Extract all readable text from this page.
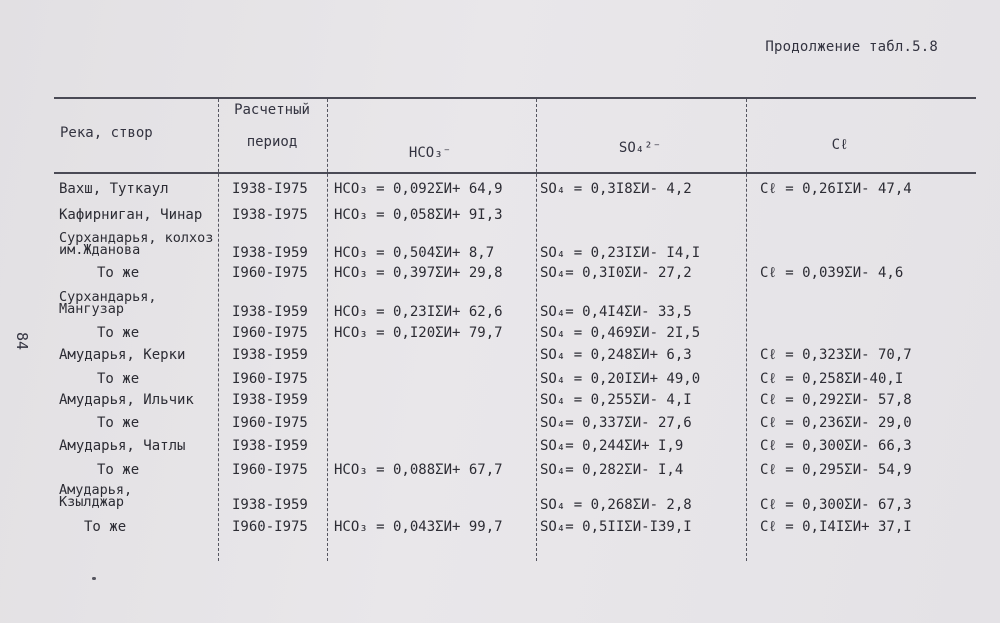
Продолжение табл.5.8
84
Река, створ
Расчетный
период
HCO₃⁻	SO₄²⁻	Cℓ
Вахш, Туткаул	I938-I975 HCO₃ = 0,092ΣИ+ 64,9	SO₄ = 0,3I8ΣИ- 4,2	Cℓ = 0,26IΣИ- 47,4
Кафирниган, Чинар I938-I975 HCO₃ = 0,058ΣИ+ 9I,3
Сурхандарья, колхоз им.Жданова	I938-I959 HCO₃ = 0,504ΣИ+ 8,7	SO₄ = 0,23IΣИ- I4,I
То же	I960-I975 HCO₃ = 0,397ΣИ+ 29,8	SO₄= 0,3I0ΣИ- 27,2	Cℓ = 0,039ΣИ- 4,6
Сурхандарья, Мангузар	I938-I959 HCO₃ = 0,23IΣИ+ 62,6	SO₄= 0,4I4ΣИ- 33,5
То же	I960-I975 HCO₃ = 0,I20ΣИ+ 79,7	SO₄ = 0,469ΣИ- 2I,5
Амударья, Керки	I938-I959	SO₄ = 0,248ΣИ+ 6,3	Cℓ = 0,323ΣИ- 70,7
То же	I960-I975	SO₄ = 0,20IΣИ+ 49,0	Cℓ = 0,258ΣИ-40,I
Амударья, Ильчик	I938-I959	SO₄ = 0,255ΣИ- 4,I	Cℓ = 0,292ΣИ- 57,8
То же	I960-I975	SO₄= 0,337ΣИ- 27,6	Cℓ = 0,236ΣИ- 29,0
Амударья, Чатлы	I938-I959	SO₄= 0,244ΣИ+ I,9	Cℓ = 0,300ΣИ- 66,3
То же	I960-I975 HCO₃ = 0,088ΣИ+ 67,7	SO₄= 0,282ΣИ- I,4	Cℓ = 0,295ΣИ- 54,9
Амударья, Кзылджар	I938-I959	SO₄ = 0,268ΣИ- 2,8	Cℓ = 0,300ΣИ- 67,3
То же	I960-I975 HCO₃ = 0,043ΣИ+ 99,7	SO₄= 0,5IIΣИ-I39,I	Cℓ = 0,I4IΣИ+ 37,I
